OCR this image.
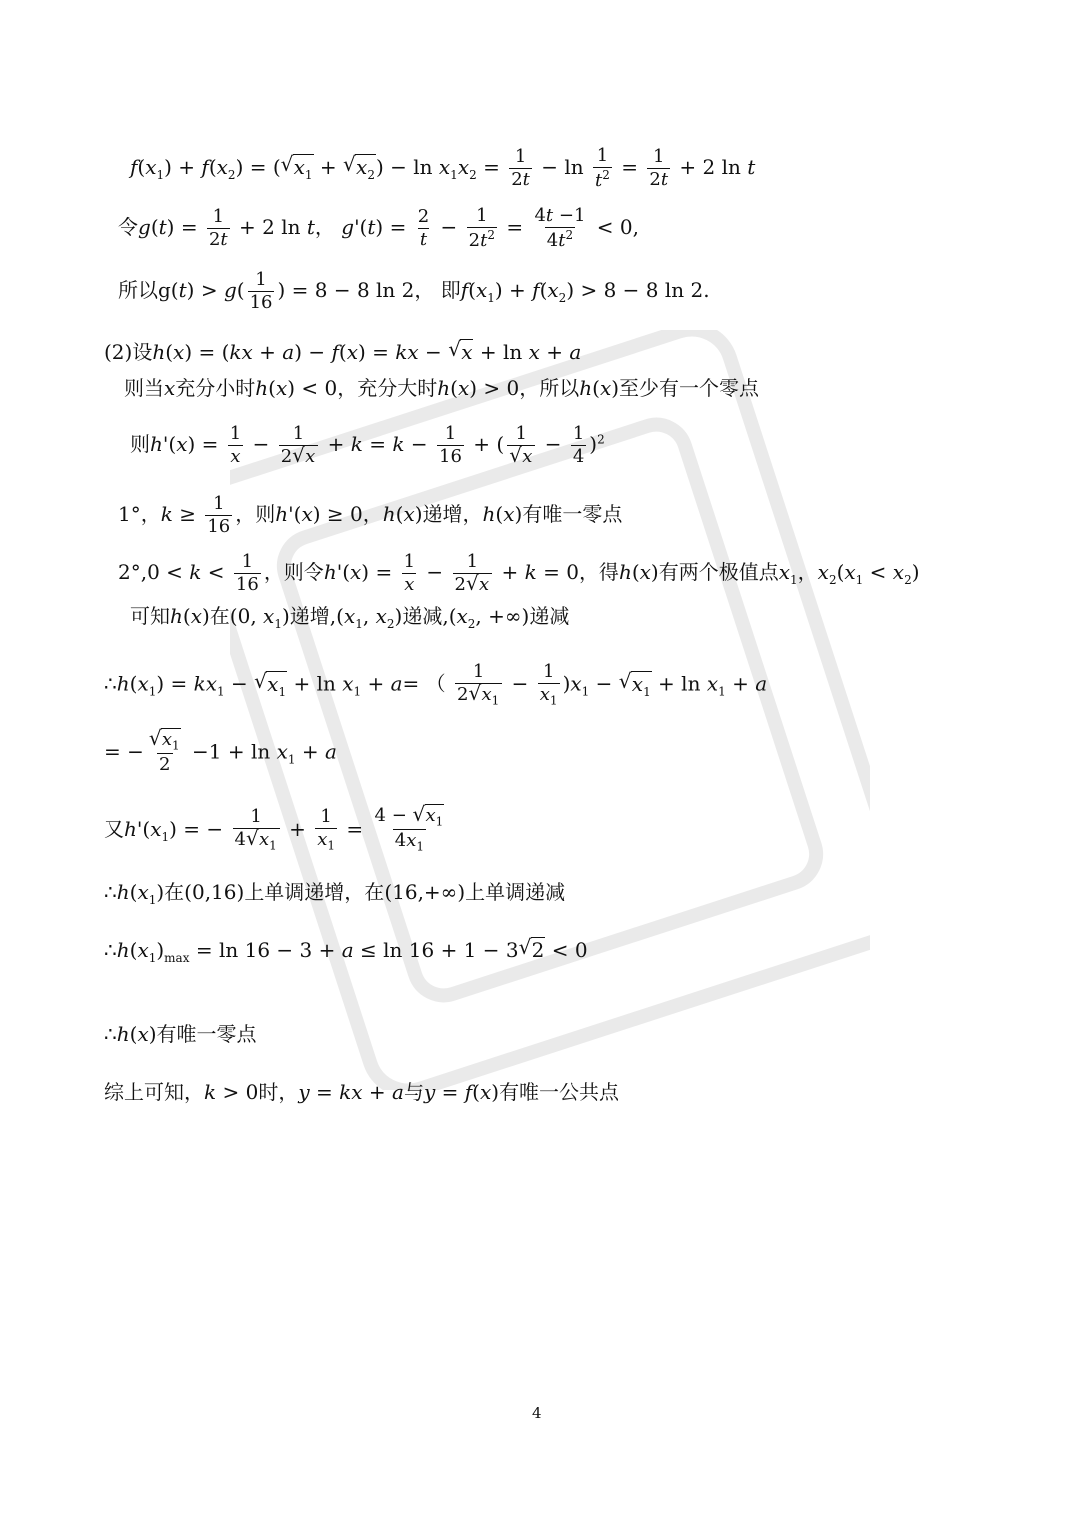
$f(x_1) + f(x_2)$ = (√ $x_1$ + √ $x_2) - \ln x_1x_2 = \frac{1}{2t} - \ln \frac{1}{t^2} = \frac{1}{2t} + 2$ ln t
令$g(t) = \frac{1}{2t} + 2$ ln t， $g'(t) = \frac{2}{t} - \frac{1}{2t^2} = \frac{4t -1}{4t^2} < 0$,
所以$g(t) > g( \frac{1}{16}$ ) = 8 − 8 ln 2， 即$f(x_1) + f(x_2) > 8 - 8$ ln 2.
(2)设h(x) = (kx + a) − f(x) = kx − √ x + ln x + a
则当x充分小时h(x) < 0，充分大时h(x) > 0，所以h(x)至少有一个零点
则$h'(x) = \frac{1}{x} - \frac{1}{2√ x} + k = k - \frac{1}{16}$ + ( 1
√ $x - \frac{1}{4} )^2$
1°，$k \ge \frac{1}{16}$ ，则h'(x) ≥ 0，h(x)递增，h(x)有唯一零点
$2^\circ,0 < k < \frac{1}{16}$ ，则令$h'(x) = \frac{1}{x} - \frac{1}{2√ x} + k = 0$，得h(x)有两个极值点$x_1$，$x_2(x_1 < x_2)$
可知h(x)在(0, $x_1$)递增$,(x_1$, $x_2$)递减$,(x_2$, +∞)递减
$\therefore h(x_1) = kx_1$ − √ $x_1 + \ln x_1 + a=$ （ $\frac{1}{2√ x_1} - \frac{1}{x_1} )x_1$ − √ $x_1 + \ln x_1 + a$
= −
√ $\frac{x_1}{2} -1 + \ln x_1 + a$
又$h'(x_1)$ = − $\frac{1}{4√ x_1} + \frac{1}{x_1} = \frac{4 - √ x_1}{4x_1}$
$\therefore h(x_1)$在(0,16)上单调递增，在(16,+∞)上单调递减
$\therefore h(x_1)_{max} = \ln 16 - 3 + a \le \ln 16 + 1 - 3√$ 2 < 0
∴h(x)有唯一零点
综上可知，k > 0时，y = kx + a与y = f(x)有唯一公共点
4
